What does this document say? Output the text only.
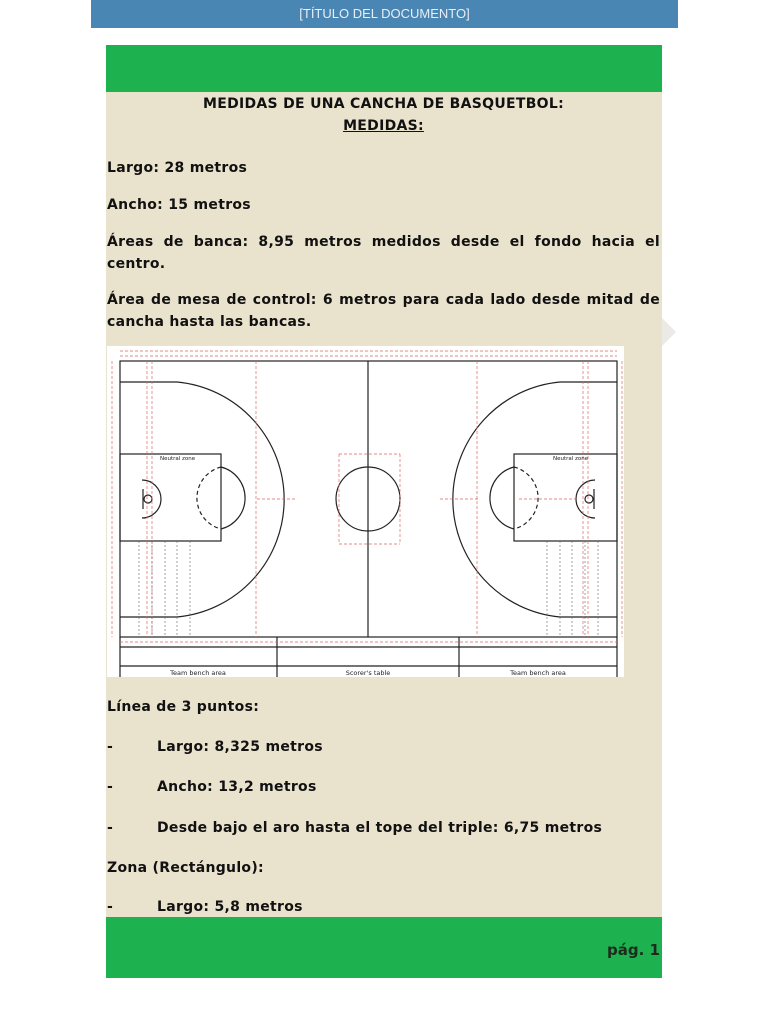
[TÍTULO DEL DOCUMENTO]
MEDIDAS DE UNA CANCHA DE BASQUETBOL:
MEDIDAS:
Largo: 28 metros
Ancho: 15 metros
Áreas de banca: 8,95 metros medidos desde el fondo hacia el centro.
Área de mesa de control: 6 metros para cada lado desde mitad de cancha hasta las bancas.
Neutral zone	Neutral zone
Team bench area	Scorer's table	Team bench area
Línea de 3 puntos:
-	Largo: 8,325 metros
-	Ancho: 13,2 metros
-	Desde bajo el aro hasta el tope del triple: 6,75 metros
Zona (Rectángulo):
-	Largo: 5,8 metros
pág. 1
